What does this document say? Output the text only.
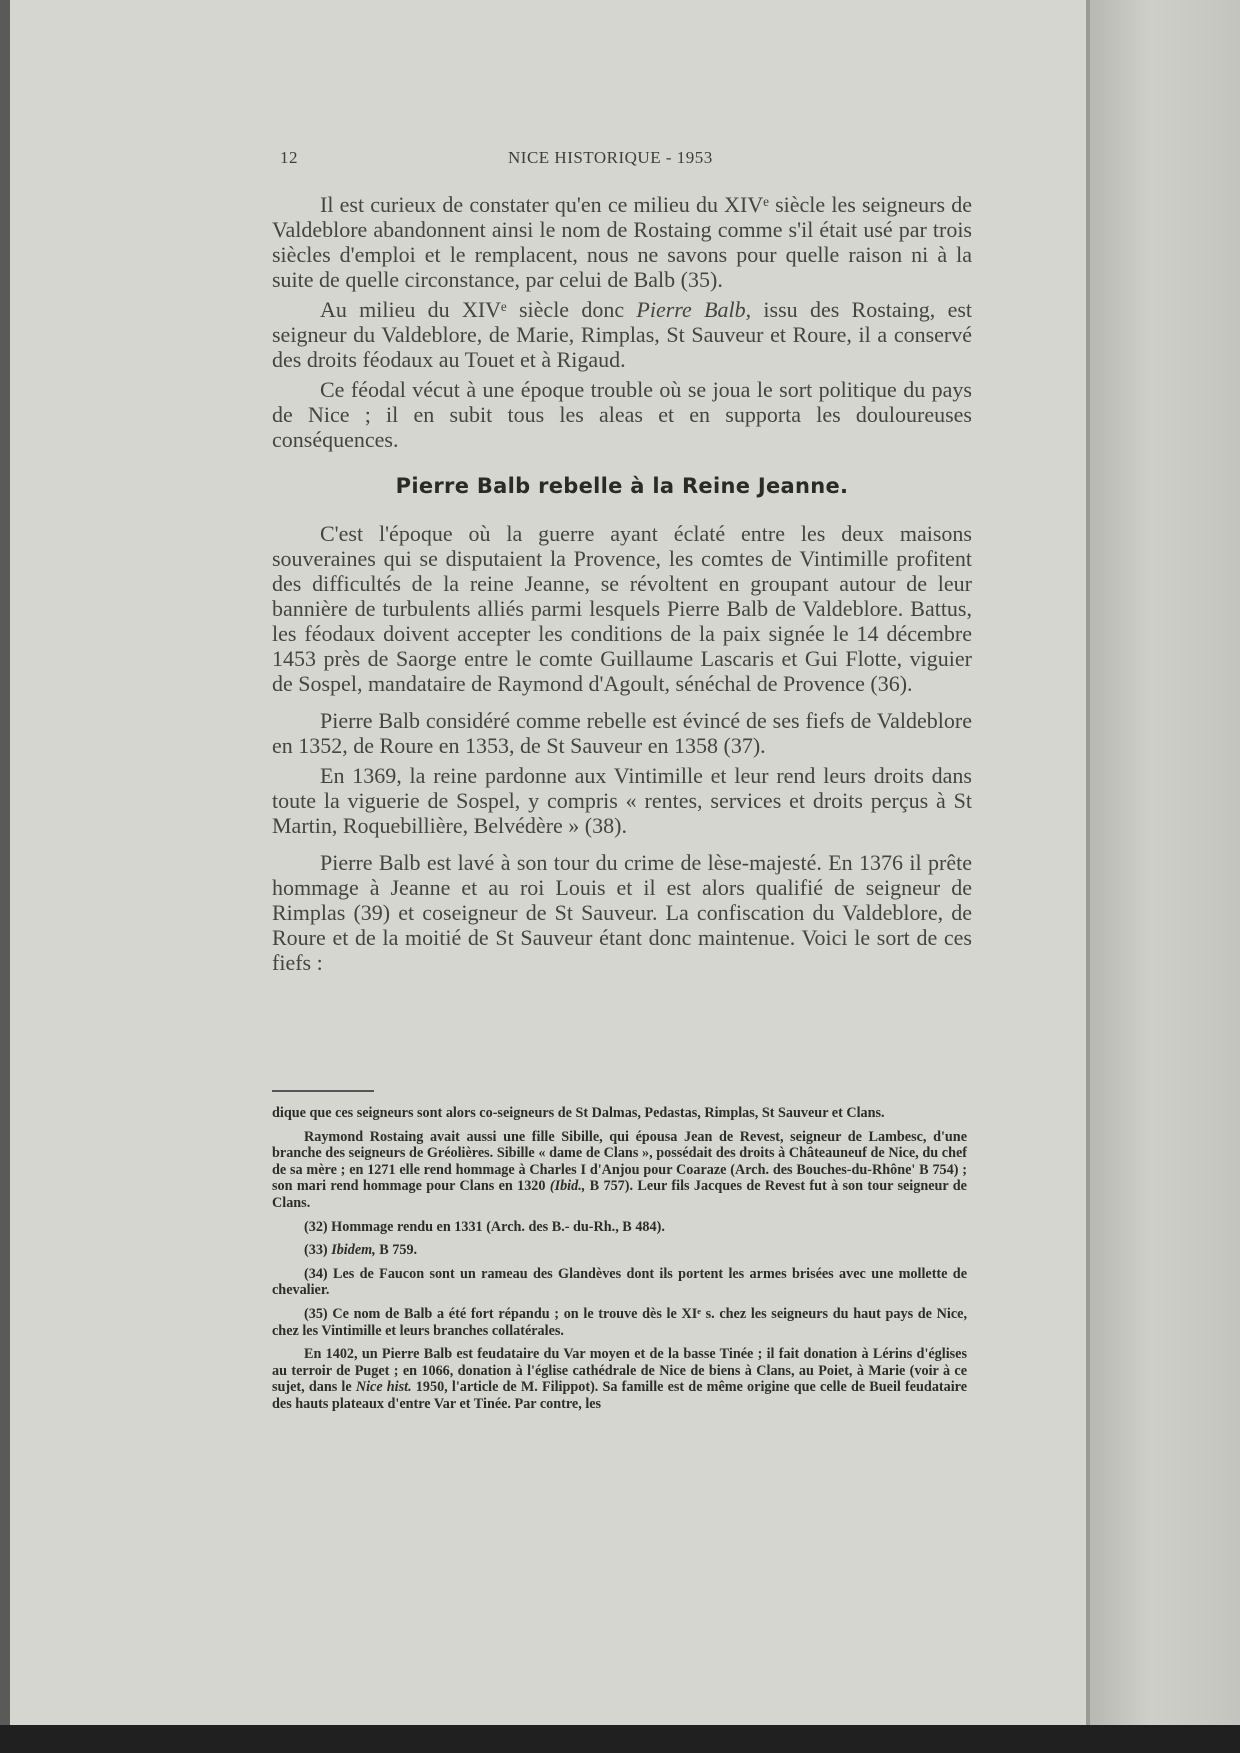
12	NICE HISTORIQUE - 1953

Il est curieux de constater qu'en ce milieu du XIVᵉ siècle les seigneurs de Valdeblore abandonnent ainsi le nom de Rostaing comme s'il était usé par trois siècles d'emploi et le remplacent, nous ne savons pour quelle raison ni à la suite de quelle circonstance, par celui de Balb (35).

Au milieu du XIVᵉ siècle donc Pierre Balb, issu des Rostaing, est seigneur du Valdeblore, de Marie, Rimplas, St Sauveur et Roure, il a conservé des droits féodaux au Touet et à Rigaud.

Ce féodal vécut à une époque trouble où se joua le sort politique du pays de Nice ; il en subit tous les aleas et en supporta les douloureuses conséquences.

Pierre Balb rebelle à la Reine Jeanne.

C'est l'époque où la guerre ayant éclaté entre les deux maisons souveraines qui se disputaient la Provence, les comtes de Vintimille profitent des difficultés de la reine Jeanne, se révoltent en groupant autour de leur bannière de turbulents alliés parmi lesquels Pierre Balb de Valdeblore. Battus, les féodaux doivent accepter les conditions de la paix signée le 14 décembre 1453 près de Saorge entre le comte Guillaume Lascaris et Gui Flotte, viguier de Sospel, mandataire de Raymond d'Agoult, sénéchal de Provence (36).

Pierre Balb considéré comme rebelle est évincé de ses fiefs de Valdeblore en 1352, de Roure en 1353, de St Sauveur en 1358 (37).

En 1369, la reine pardonne aux Vintimille et leur rend leurs droits dans toute la viguerie de Sospel, y compris « rentes, services et droits perçus à St Martin, Roquebillière, Belvédère » (38).

Pierre Balb est lavé à son tour du crime de lèse-majesté. En 1376 il prête hommage à Jeanne et au roi Louis et il est alors qualifié de seigneur de Rimplas (39) et coseigneur de St Sauveur. La confiscation du Valdeblore, de Roure et de la moitié de St Sauveur étant donc maintenue. Voici le sort de ces fiefs :

dique que ces seigneurs sont alors co-seigneurs de St Dalmas, Pedastas, Rimplas, St Sauveur et Clans.

Raymond Rostaing avait aussi une fille Sibille, qui épousa Jean de Revest, seigneur de Lambesc, d'une branche des seigneurs de Gréolières. Sibille « dame de Clans », possédait des droits à Châteauneuf de Nice, du chef de sa mère ; en 1271 elle rend hommage à Charles I d'Anjou pour Coaraze (Arch. des Bouches-du-Rhône' B 754) ; son mari rend hommage pour Clans en 1320 (Ibid., B 757). Leur fils Jacques de Revest fut à son tour seigneur de Clans.

(32) Hommage rendu en 1331 (Arch. des B.- du-Rh., B 484).

(33) Ibidem, B 759.

(34) Les de Faucon sont un rameau des Glandèves dont ils portent les armes brisées avec une mollette de chevalier.

(35) Ce nom de Balb a été fort répandu ; on le trouve dès le XIᵉ s. chez les seigneurs du haut pays de Nice, chez les Vintimille et leurs branches collatérales.

En 1402, un Pierre Balb est feudataire du Var moyen et de la basse Tinée ; il fait donation à Lérins d'églises au terroir de Puget ; en 1066, donation à l'église cathédrale de Nice de biens à Clans, au Poiet, à Marie (voir à ce sujet, dans le Nice hist. 1950, l'article de M. Filippot). Sa famille est de même origine que celle de Bueil feudataire des hauts plateaux d'entre Var et Tinée. Par contre, les
